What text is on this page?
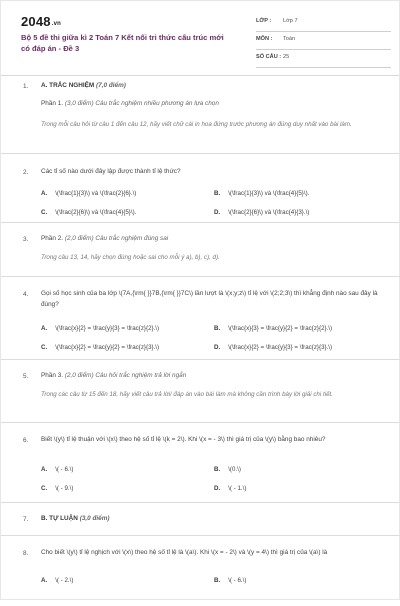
2048.vn
Bộ 5 đề thi giữa kì 2 Toán 7 Kết nối tri thức cấu trúc mới có đáp án - Đề 3
LỚP : Lớp 7
MÔN : Toán
SỐ CÂU : 25
1. A. TRẮC NGHIỆM (7,0 điểm)
Phần 1. (3,0 điểm) Câu trắc nghiệm nhiều phương án lựa chọn
Trong mỗi câu hỏi từ câu 1 đến câu 12, hãy viết chữ cái in hoa đứng trước phương án đúng duy nhất vào bài làm.
2. Các tỉ số nào dưới đây lập được thành tỉ lệ thức?
A. \(\frac{1}{3}\) và \(\frac{2}{6}.\)	B. \(\frac{1}{3}\) và \(\frac{4}{5}\).
C. \(\frac{2}{6}\) và \(\frac{4}{5}\).	D. \(\frac{2}{6}\) và \(\frac{4}{3}.\)
3. Phần 2. (2,0 điểm) Câu trắc nghiệm đúng sai
Trong câu 13, 14, hãy chọn đúng hoặc sai cho mỗi ý a), b), c), d).
4. Gọi số học sinh của ba lớp \(7A,{\rm{ }}7B,{\rm{ }}7C\) lần lượt là \(x;y;z\) tỉ lệ với \(2;2;3\) thì khẳng định nào sau đây là đúng?
A. \(\frac{x}{2} = \frac{y}{3} = \frac{z}{2}.\)	B. \(\frac{x}{3} = \frac{y}{2} = \frac{z}{2}.\)
C. \(\frac{x}{2} = \frac{y}{2} = \frac{z}{3}.\)	D. \(\frac{x}{2} = \frac{y}{3} = \frac{z}{3}.\)
5. Phần 3. (2,0 điểm) Câu hỏi trắc nghiệm trả lời ngắn
Trong các câu từ 15 đến 18, hãy viết câu trả lời/ đáp án vào bài làm mà không cần trình bày lời giải chi tiết.
6. Biết \(y\) tỉ lệ thuận với \(x\) theo hệ số tỉ lệ \(k = 2\). Khi \(x = - 3\) thì giá trị của \(y\) bằng bao nhiêu?
A. \( - 6.\)	B. \(0.\)
C. \( - 9.\)	D. \( - 1.\)
7. B. TỰ LUẬN (3,0 điểm)
8. Cho biết \(y\) tỉ lệ nghịch với \(x\) theo hệ số tỉ lệ là \(a\). Khi \(x = - 2\) và \(y = 4\) thì giá trị của \(a\) là
A. \( - 2.\)	B. \( - 6.\)
